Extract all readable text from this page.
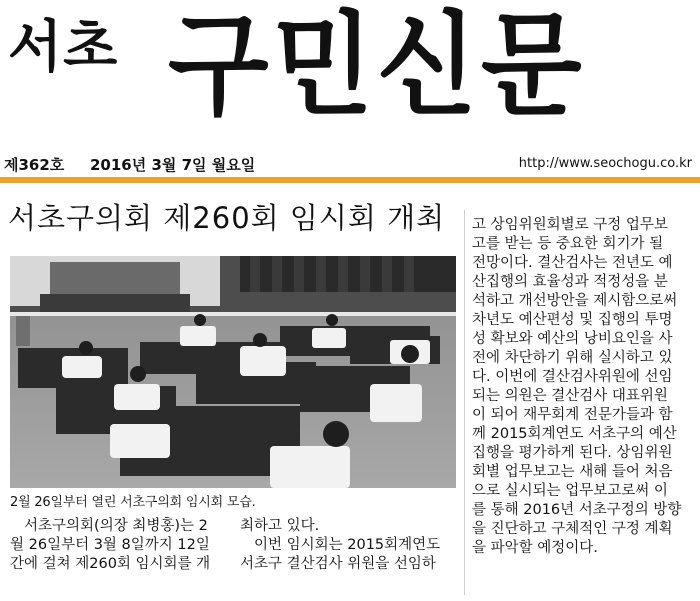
서초 구민신문
제362호 2016년 3월 7일 월요일	http://www.seochogu.co.kr
서초구의회 제260회 임시회 개최
2월 26일부터 열린 서초구의회 임시회 모습.

서초구의회(의장 최병홍)는 2

월 26일부터 3월 8일까지 12일

간에 걸쳐 제260회 임시회를 개

최하고 있다.

이번 임시회는 2015회계연도

서초구 결산검사 위원을 선임하

고 상임위원회별로 구정 업무보

고를 받는 등 중요한 회기가 될

전망이다. 결산검사는 전년도 예

산집행의 효율성과 적정성을 분

석하고 개선방안을 제시함으로써

차년도 예산편성 및 집행의 투명

성 확보와 예산의 낭비요인을 사

전에 차단하기 위해 실시하고 있

다. 이번에 결산검사위원에 선임

되는 의원은 결산검사 대표위원

이 되어 재무회계 전문가들과 함

께 2015회계연도 서초구의 예산

집행을 평가하게 된다. 상임위원

회별 업무보고는 새해 들어 처음

으로 실시되는 업무보고로써 이

를 통해 2016년 서초구정의 방향

을 진단하고 구체적인 구정 계획

을 파악할 예정이다.
